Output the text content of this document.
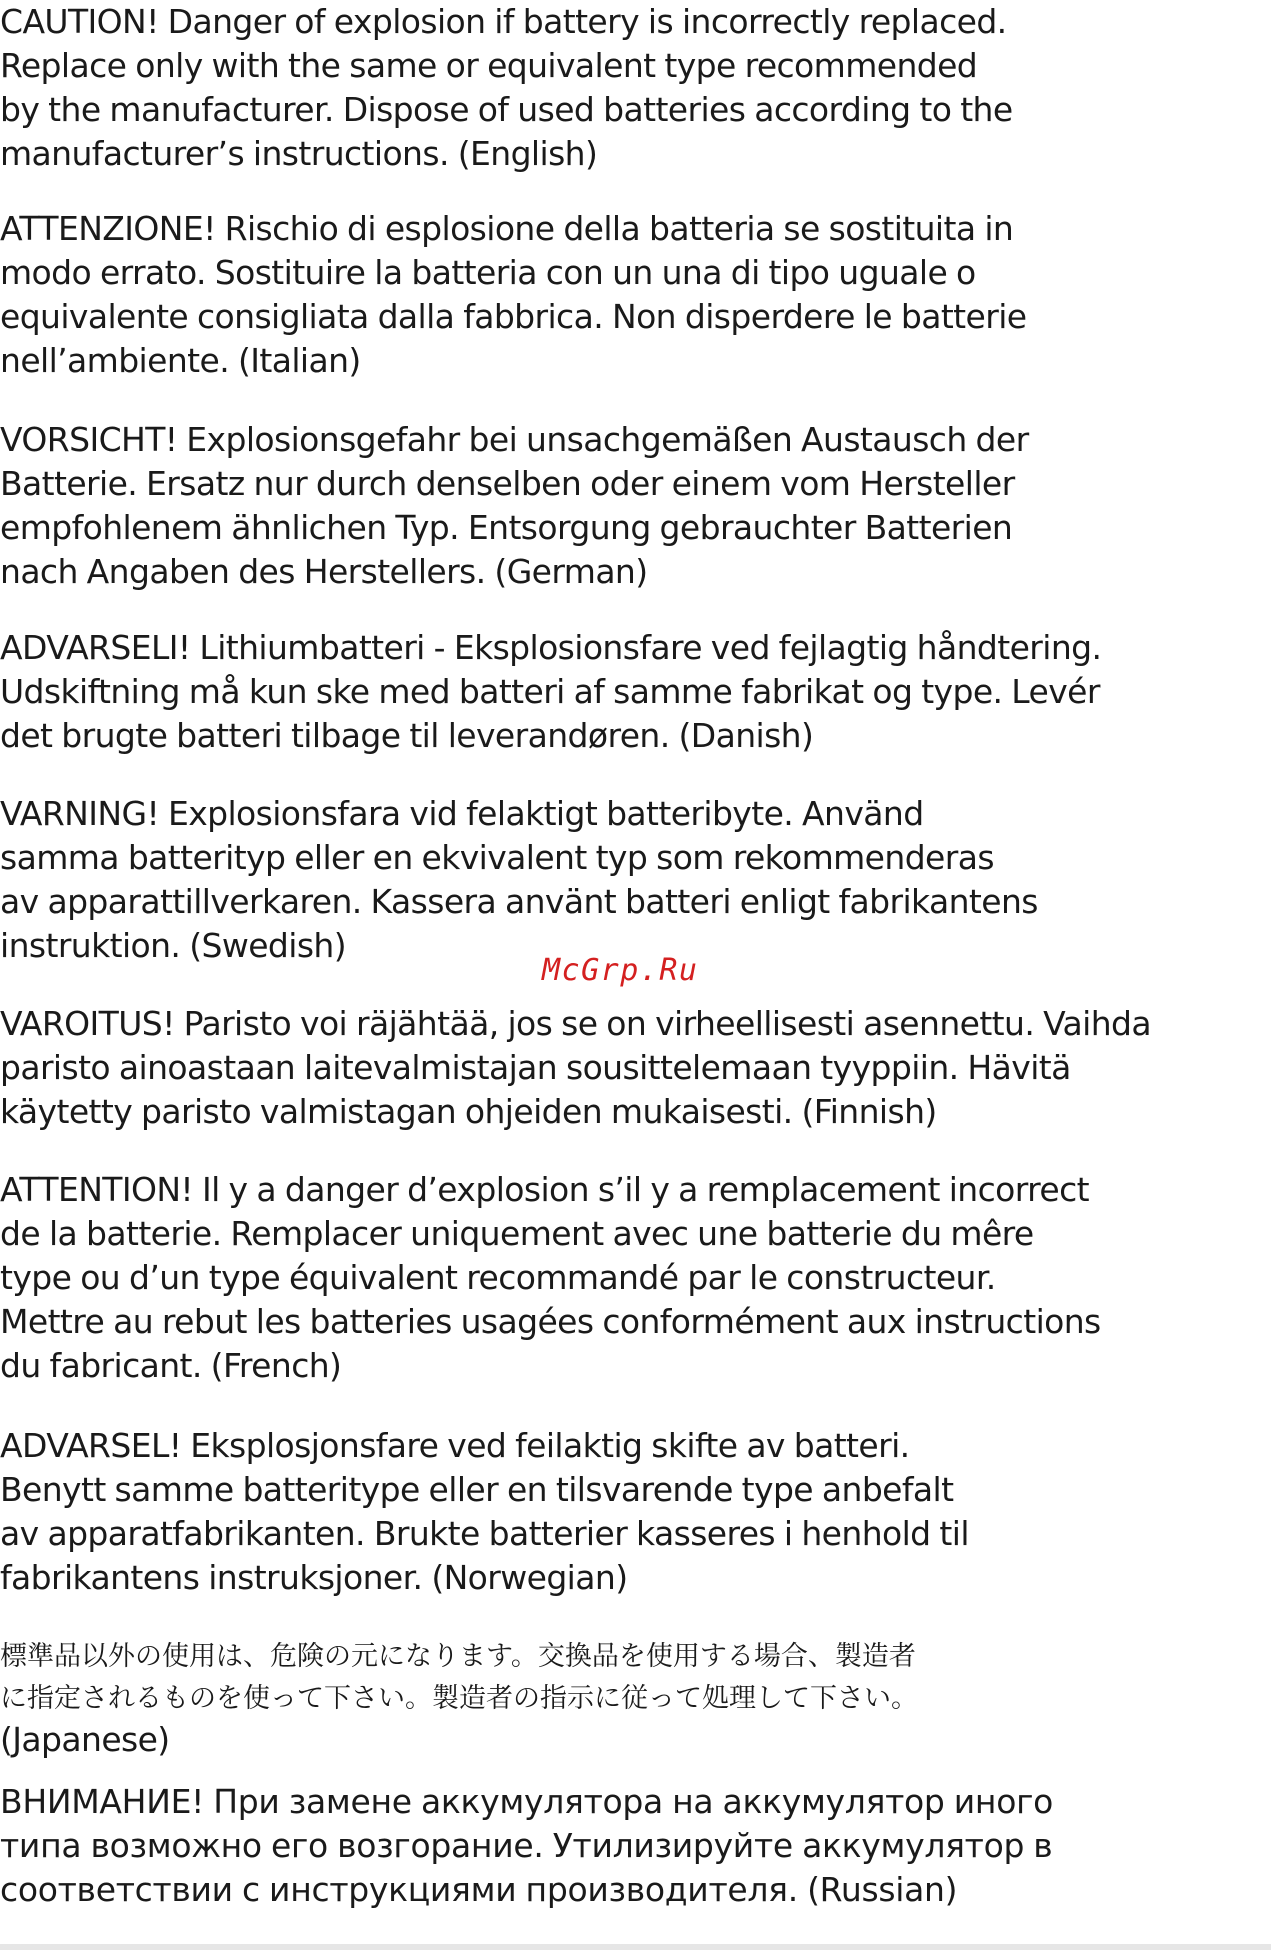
CAUTION! Danger of explosion if battery is incorrectly replaced.
Replace only with the same or equivalent type recommended
by the manufacturer. Dispose of used batteries according to the
manufacturer’s instructions. (English)

ATTENZIONE! Rischio di esplosione della batteria se sostituita in
modo errato. Sostituire la batteria con un una di tipo uguale o
equivalente consigliata dalla fabbrica. Non disperdere le batterie
nell’ambiente. (Italian)

VORSICHT! Explosionsgefahr bei unsachgemäßen Austausch der
Batterie. Ersatz nur durch denselben oder einem vom Hersteller
empfohlenem ähnlichen Typ. Entsorgung gebrauchter Batterien
nach Angaben des Herstellers. (German)

ADVARSELI! Lithiumbatteri - Eksplosionsfare ved fejlagtig håndtering.
Udskiftning må kun ske med batteri af samme fabrikat og type. Levér
det brugte batteri tilbage til leverandøren. (Danish)

VARNING! Explosionsfara vid felaktigt batteribyte. Använd
samma batterityp eller en ekvivalent typ som rekommenderas
av apparattillverkaren. Kassera använt batteri enligt fabrikantens
instruktion. (Swedish)

VAROITUS! Paristo voi räjähtää, jos se on virheellisesti asennettu. Vaihda
paristo ainoastaan laitevalmistajan sousittelemaan tyyppiin. Hävitä
käytetty paristo valmistagan ohjeiden mukaisesti. (Finnish)

ATTENTION! Il y a danger d’explosion s’il y a remplacement incorrect
de la batterie. Remplacer uniquement avec une batterie du mêre
type ou d’un type équivalent recommandé par le constructeur.
Mettre au rebut les batteries usagées conformément aux instructions
du fabricant. (French)

ADVARSEL! Eksplosjonsfare ved feilaktig skifte av batteri.
Benytt samme batteritype eller en tilsvarende type anbefalt
av apparatfabrikanten. Brukte batterier kasseres i henhold til
fabrikantens instruksjoner. (Norwegian)

標準品以外の使用は、危険の元になります。交換品を使用する場合、製造者
に指定されるものを使って下さい。製造者の指示に従って処理して下さい。

(Japanese)

ВНИМАНИЕ! При замене аккумулятора на аккумулятор иного
типа возможно его возгорание. Утилизируйте аккумулятор в
соответствии с инструкциями производителя. (Russian)

McGrp.Ru
